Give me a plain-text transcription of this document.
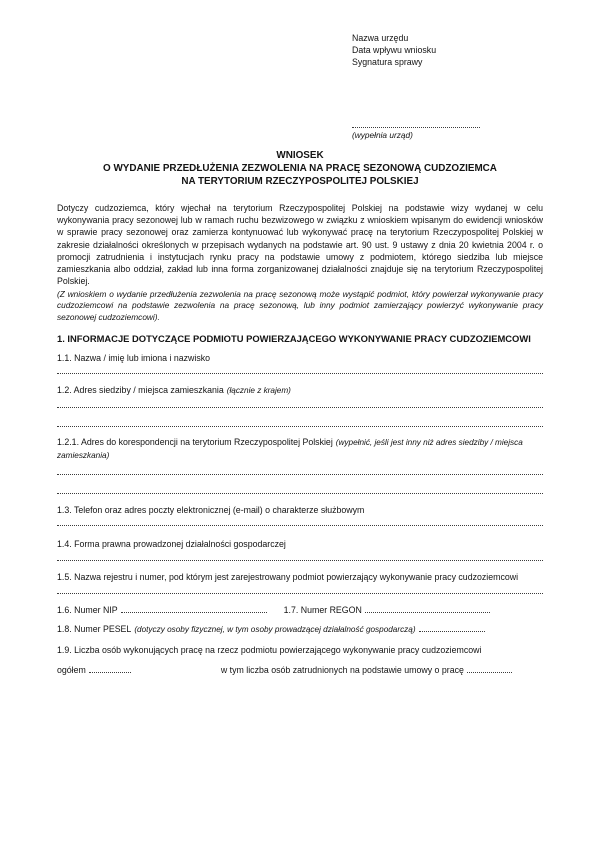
Nazwa urzędu
Data wpływu wniosku
Sygnatura sprawy
(wypełnia urząd)
WNIOSEK
O WYDANIE PRZEDŁUŻENIA ZEZWOLENIA NA PRACĘ SEZONOWĄ CUDZOZIEMCA
NA TERYTORIUM RZECZYPOSPOLITEJ POLSKIEJ

Dotyczy cudzoziemca, który wjechał na terytorium Rzeczypospolitej Polskiej na podstawie wizy wydanej w celu wykonywania pracy sezonowej lub w ramach ruchu bezwizowego w związku z wnioskiem wpisanym do ewidencji wniosków w sprawie pracy sezonowej oraz zamierza kontynuować lub wykonywać pracę na terytorium Rzeczypospolitej Polskiej w zakresie działalności określonych w przepisach wydanych na podstawie art. 90 ust. 9 ustawy z dnia 20 kwietnia 2004 r. o promocji zatrudnienia i instytucjach rynku pracy na podstawie umowy z podmiotem, którego siedziba lub miejsce zamieszkania albo oddział, zakład lub inna forma zorganizowanej działalności znajduje się na terytorium Rzeczypospolitej Polskiej.

(Z wnioskiem o wydanie przedłużenia zezwolenia na pracę sezonową może wystąpić podmiot, który powierzał wykonywanie pracy cudzoziemcowi na podstawie zezwolenia na pracę sezonową, lub inny podmiot zamierzający powierzyć wykonywanie pracy sezonowej cudzoziemcowi).

1. INFORMACJE DOTYCZĄCE PODMIOTU POWIERZAJĄCEGO WYKONYWANIE PRACY CUDZOZIEMCOWI
1.1. Nazwa / imię lub imiona i nazwisko
1.2. Adres siedziby / miejsca zamieszkania (łącznie z krajem)
1.2.1. Adres do korespondencji na terytorium Rzeczypospolitej Polskiej (wypełnić, jeśli jest inny niż adres siedziby / miejsca zamieszkania)
1.3. Telefon oraz adres poczty elektronicznej (e-mail) o charakterze służbowym
1.4. Forma prawna prowadzonej działalności gospodarczej
1.5. Nazwa rejestru i numer, pod którym jest zarejestrowany podmiot powierzający wykonywanie pracy cudzoziemcowi
1.6. Numer NIP	1.7. Numer REGON
1.8. Numer PESEL (dotyczy osoby fizycznej, w tym osoby prowadzącej działalność gospodarczą)
1.9. Liczba osób wykonujących pracę na rzecz podmiotu powierzającego wykonywanie pracy cudzoziemcowi
ogółem	w tym liczba osób zatrudnionych na podstawie umowy o pracę
